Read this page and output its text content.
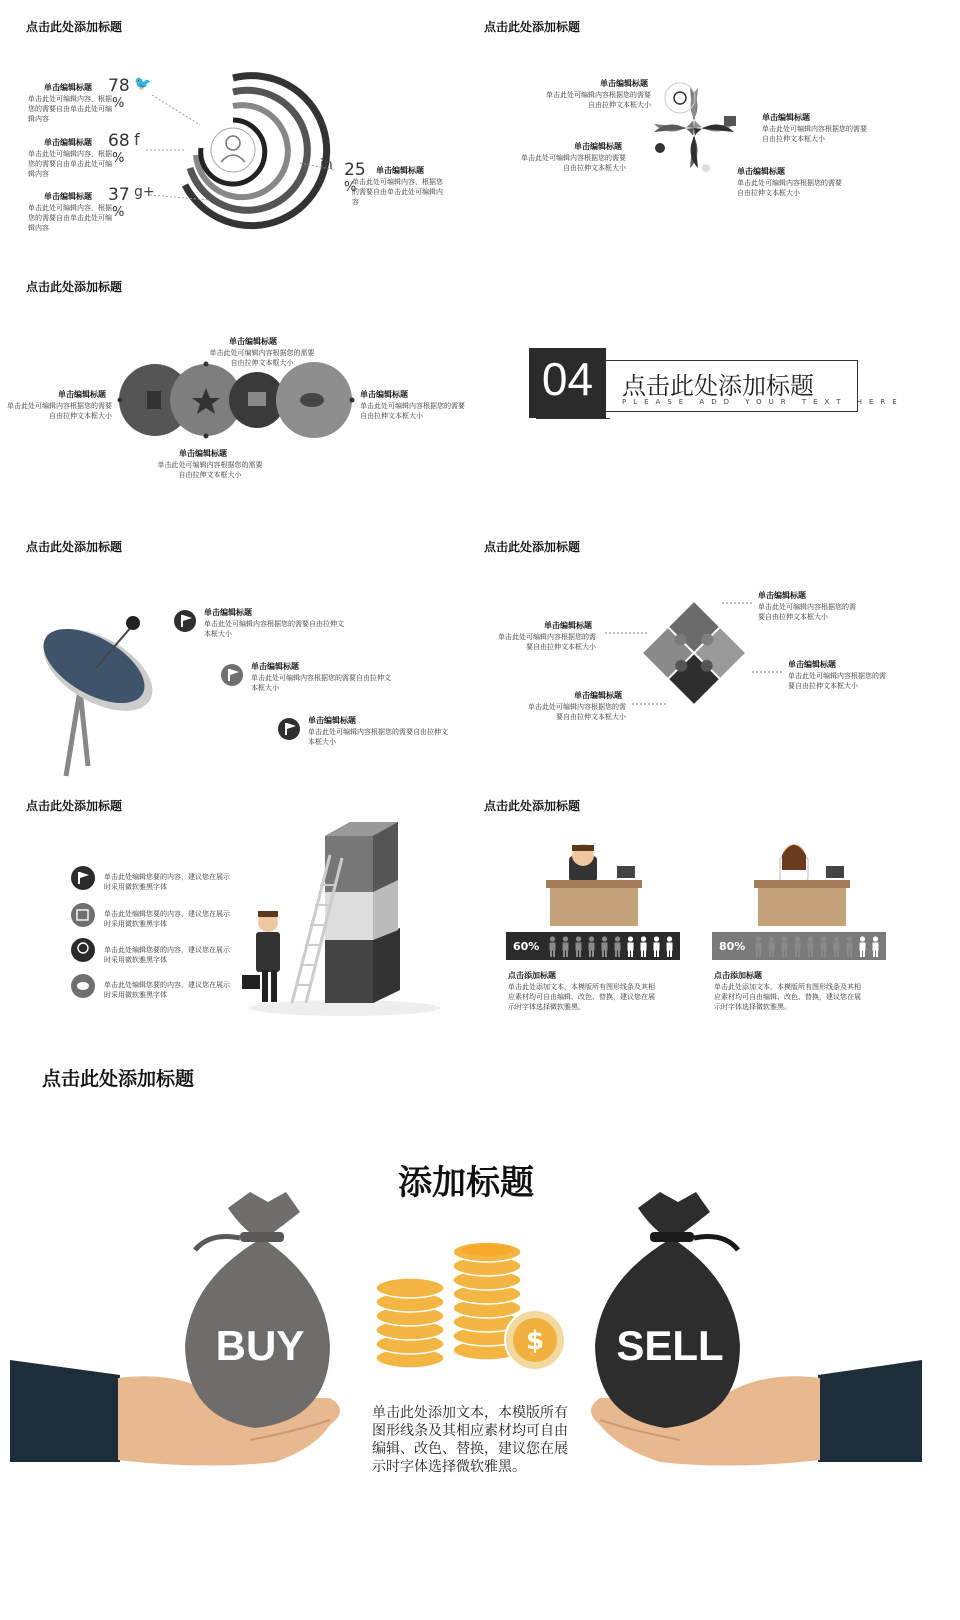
点击此处添加标题
单击编辑标题
单击此处可编辑内容，根据您的需要自由单击此处可编辑内容
78
%
🐦
单击编辑标题
单击此处可编辑内容，根据您的需要自由单击此处可编辑内容
68
%
f
单击编辑标题
单击此处可编辑内容，根据您的需要自由单击此处可编辑内容
37
%
g+
in 25
%
单击编辑标题
单击此处可编辑内容，根据您的需要自由单击此处可编辑内容
点击此处添加标题
单击编辑标题
单击此处可编辑内容根据您的需要自由拉伸文本框大小
单击编辑标题
单击此处可编辑内容根据您的需要自由拉伸文本框大小
单击编辑标题
单击此处可编辑内容根据您的需要自由拉伸文本框大小
单击编辑标题
单击此处可编辑内容根据您的需要自由拉伸文本框大小
点击此处添加标题
单击编辑标题
单击此处可编辑内容根据您的需要自由拉伸文本框大小
单击编辑标题
单击此处可编辑内容根据您的需要自由拉伸文本框大小
单击编辑标题
单击此处可编辑内容根据您的需要自由拉伸文本框大小
单击编辑标题
单击此处可编辑内容根据您的需要自由拉伸文本框大小
04	点击此处添加标题
PLEASE ADD YOUR TEXT HERE
点击此处添加标题
单击编辑标题
单击此处可编辑内容根据您的需要自由拉伸文本框大小
单击编辑标题
单击此处可编辑内容根据您的需要自由拉伸文本框大小
单击编辑标题
单击此处可编辑内容根据您的需要自由拉伸文本框大小
点击此处添加标题
单击编辑标题
单击此处可编辑内容根据您的需要自由拉伸文本框大小
单击编辑标题
单击此处可编辑内容根据您的需要自由拉伸文本框大小
单击编辑标题
单击此处可编辑内容根据您的需要自由拉伸文本框大小
单击编辑标题
单击此处可编辑内容根据您的需要自由拉伸文本框大小
点击此处添加标题
单击此处编辑您要的内容，建议您在展示时采用微软雅黑字体
单击此处编辑您要的内容，建议您在展示时采用微软雅黑字体
单击此处编辑您要的内容，建议您在展示时采用微软雅黑字体
单击此处编辑您要的内容，建议您在展示时采用微软雅黑字体
点击此处添加标题
60%
点击添加标题
单击此处添加文本，本模版所有图形线条及其相应素材均可自由编辑、改色、替换，建议您在展示时字体选择微软雅黑。
80%
点击添加标题
单击此处添加文本，本模版所有图形线条及其相应素材均可自由编辑、改色、替换，建议您在展示时字体选择微软雅黑。
点击此处添加标题
添加标题
$
BUY	SELL
单击此处添加文本，本模版所有图形线条及其相应素材均可自由编辑、改色、替换，建议您在展示时字体选择微软雅黑。
